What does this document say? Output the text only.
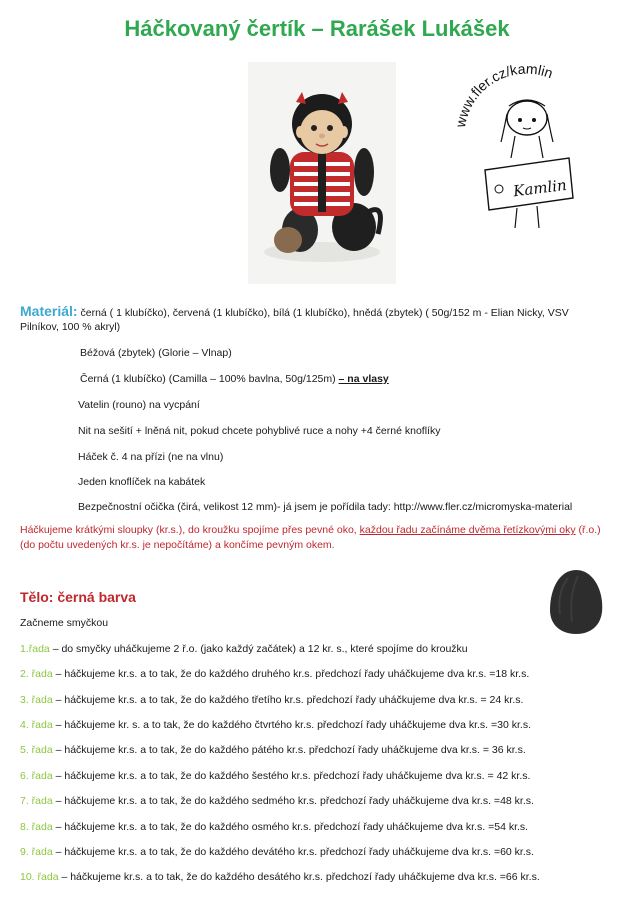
Háčkovaný čertík – Rarášek Lukášek
ww.fler.cz/kamlin
Kamlin
Materiál: černá ( 1 klubíčko), červená (1 klubíčko), bílá (1 klubíčko), hnědá (zbytek) ( 50g/152 m - Elian Nicky, VSV
Pilníkov, 100 % akryl)
Béžová (zbytek) (Glorie – Vlnap)
Černá (1 klubíčko) (Camilla – 100% bavlna, 50g/125m) – na vlasy
Vatelin (rouno) na vycpání
Nit na sešití + lněná nit, pokud chcete pohyblivé ruce a nohy +4 černé knoflíky
Háček č. 4 na přízi (ne na vlnu)
Jeden knoflíček na kabátek
Bezpečnostní očička (čirá, velikost 12 mm)- já jsem je pořídila tady: http://www.fler.cz/micromyska-material
Háčkujeme krátkými sloupky (kr.s.), do kroužku spojíme přes pevné oko, každou řadu začínáme dvěma řetízkovými oky (ř.o.)
(do počtu uvedených kr.s. je nepočítáme) a končíme pevným okem.
Tělo: černá barva
Začneme smyčkou
1.řada – do smyčky uháčkujeme 2 ř.o. (jako každý začátek) a 12 kr. s., které spojíme do kroužku
2. řada – háčkujeme kr.s. a to tak, že do každého druhého kr.s. předchozí řady uháčkujeme dva kr.s. =18 kr.s.
3. řada – háčkujeme kr.s. a to tak, že do každého třetího kr.s. předchozí řady uháčkujeme dva kr.s. = 24 kr.s.
4. řada – háčkujeme kr. s. a to tak, že do každého čtvrtého kr.s. předchozí řady uháčkujeme dva kr.s. =30 kr.s.
5. řada – háčkujeme kr.s. a to tak, že do každého pátého kr.s. předchozí řady uháčkujeme dva kr.s. = 36 kr.s.
6. řada – háčkujeme kr.s. a to tak, že do každého šestého kr.s. předchozí řady uháčkujeme dva kr.s. = 42 kr.s.
7. řada – háčkujeme kr.s. a to tak, že do každého sedmého kr.s. předchozí řady uháčkujeme dva kr.s. =48 kr.s.
8. řada – háčkujeme kr.s. a to tak, že do každého osmého kr.s. předchozí řady uháčkujeme dva kr.s. =54 kr.s.
9. řada – háčkujeme kr.s. a to tak, že do každého devátého kr.s. předchozí řady uháčkujeme dva kr.s. =60 kr.s.
10. řada – háčkujeme kr.s. a to tak, že do každého desátého kr.s. předchozí řady uháčkujeme dva kr.s. =66 kr.s.
